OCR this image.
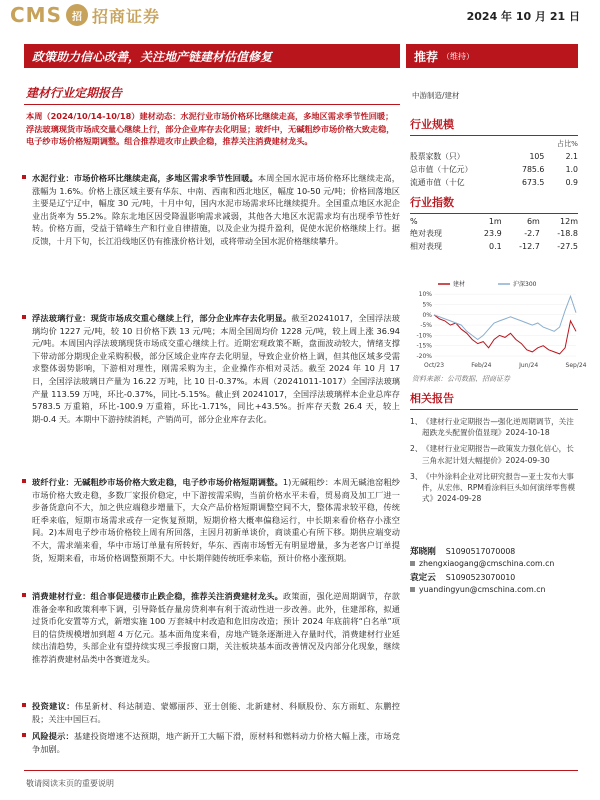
CMS	招 招商证券	2024 年 10 月 21 日
政策助力信心改善，关注地产链建材估值修复	推荐 （维持）
建材行业定期报告
本周（2024/10/14-10/18）建材动态：水泥行业市场价格环比继续走高，多地区需求季节性回暖；浮法玻璃现货市场成交量心继续上行，部分企业库存去化明显；玻纤中，无碱粗纱市场价格大致走稳，电子纱市场价格短期调整。组合推荐进攻市止跌企稳，推荐关注消费建材龙头。
水泥行业：市场价格环比继续走高，多地区需求季节性回暖。本周全国水泥市场价格环比继续走高，涨幅为 1.6%。价格上涨区域主要有华东、中南、西南和西北地区，幅度 10-50 元/吨；价格回落地区主要是辽宁辽中，幅度 30 元/吨，十月中旬，国内水泥市场需求环比继续提升。全国重点地区水泥企业出货率为 55.2%。除东北地区因受降温影响需求减弱，其他各大地区水泥需求均有出现季节性好转。价格方面，受益于错峰生产和行业自律措施，以及企业为提升盈利，促使水泥价格继续上行。据反馈，十月下旬，长江沿线地区仍有推涨价格计划，或将带动全国水泥价格继续攀升。
浮法玻璃行业：现货市场成交重心继续上行，部分企业库存去化明显。截至20241017，全国浮法玻璃均价 1227 元/吨，较 10 日价格下跌 13 元/吨；本周全国周均价 1228 元/吨，较上周上涨 36.94 元/吨。本周国内浮法玻璃现货市场成交重心继续上行。近期宏观政策不断，盘面波动较大，情绪支撑下带动部分期现企业采购积极，部分区域企业库存去化明显，导致企业价格上调，但其他区域多受需求整体弱势影响，下游相对理性，刚需采购为主，企业操作亦相对灵活。截至 2024 年 10 月 17 日，全国浮法玻璃日产量为 16.22 万吨，比 10 日-0.37%。本周（20241011-1017）全国浮法玻璃产量 113.59 万吨，环比-0.37%，同比-5.15%。截止到 20241017，全国浮法玻璃样本企业总库存 5783.5 万重箱，环比-100.9 万重箱，环比-1.71%，同比+43.5%。折库存天数 26.4 天，较上期-0.4 天。本期中下游持续消耗，产销尚可，部分企业库存去化。
玻纤行业：无碱粗纱市场价格大致走稳，电子纱市场价格短期调整。1)无碱粗纱：本周无碱池窑粗纱市场价格大致走稳，多数厂家报价稳定，中下游按需采购，当前价格水平未看，贸易商及加工厂进一步备货意向不大，加之供应端稳步增量下，大众产品价格短期调整空间不大，整体需求较平稳，传统旺季来临，短期市场需求或存一定恢复预期，短期价格大概率偏稳运行，中长期来看价格存小涨空间。2)本周电子纱市场价格较上周有所回落，主因月初新单谈价，商谈重心有所下移。期供应端变动不大，需求端来看，华中市场订单量有所转好，华东、西南市场暂无有明显增量，多为老客户订单提货，短期来看，市场价格调整预期不大。中长期伴随传统旺季来临，预计价格小涨预期。
消费建材行业：组合事促进楼市止跌企稳，推荐关注消费建材龙头。政策面，强化逆周期调节，存款准备金率和政策利率下调，引导降低存量房贷利率有利于流动性进一步改善。此外，住建部称，拟通过货币化安置等方式，新增实施 100 万套城中村改造和危旧房改造；预计 2024 年底前将“白名单”项目的信贷规模增加到超 4 万亿元。基本面角度来看，房地产链条逐渐进入存量时代，消费建材行业延续出清趋势，头部企业有望持续实现三季报窗口期，关注板块基本面改善情况及内部分化现象，继续推荐消费建材品类中各赛道龙头。
投资建议：伟星新材、科达制造、蒙娜丽莎、亚士创能、北新建材、科顺股份、东方雨虹、东鹏控股；关注中国巨石。
风险提示：基建投资增速不达预期，地产新开工大幅下滑，原材料和燃料动力价格大幅上涨，市场竞争加剧。
敬请阅读末页的重要说明
中游制造/建材
行业规模
		占比%
股票家数（只）	105	2.1
总市值（十亿元）	785.6	1.0
流通市值（十亿	673.5	0.9
行业指数
%	1m	6m	12m
绝对表现	23.9	-2.7	-18.8
相对表现	0.1	-12.7	-27.5
10%
5%
0%
-5%
-10%
-15%
-20%
Oct/23	Feb/24	Jun/24	Sep/24
建材	沪深300
资料来源：公司数据、招商证券
相关报告
1、 《建材行业定期报告—强化逆周期调节，关注超跌龙头配置价值显现》2024-10-18
2、 《建材行业定期报告—政策发力强化信心，长三角水泥计划大幅提价》2024-09-30
3、 《中外涂料企业对比研究报告—亚士发布大事件，从宏伟、RPM看涂料巨头如何演绎零售模式》2024-09-28
郑晓刚 S1090517070008
zhengxiaogang@cmschina.com.cn
袁定云 S1090523070010
yuandingyun@cmschina.com.cn
